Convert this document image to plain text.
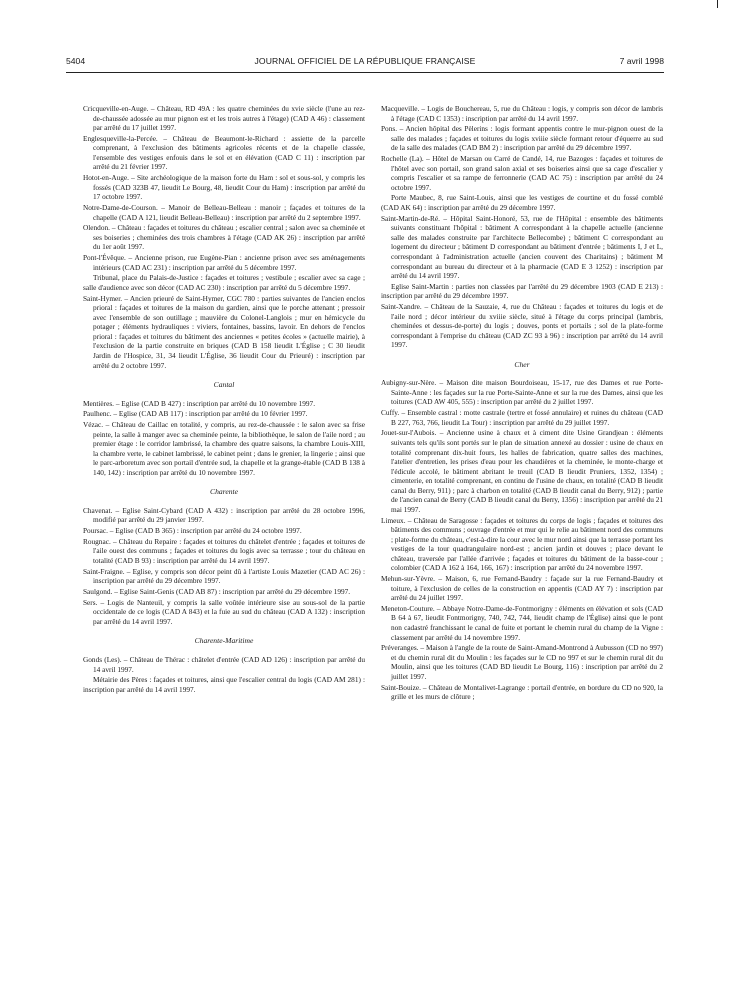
5404	JOURNAL OFFICIEL DE LA RÉPUBLIQUE FRANÇAISE	7 avril 1998
Cricqueville-en-Auge. – Château, RD 49A : les quatre cheminées du xvie siècle (l'une au rez-de-chaussée adossée au mur pignon est et les trois autres à l'étage) (CAD A 46) : classement par arrêté du 17 juillet 1997.
Englesqueville-la-Percée. – Château de Beaumont-le-Richard : assiette de la parcelle comprenant, à l'exclusion des bâtiments agricoles récents et de la chapelle classée, l'ensemble des vestiges enfouis dans le sol et en élévation (CAD C 11) : inscription par arrêté du 21 février 1997.
Hotot-en-Auge. – Site archéologique de la maison forte du Ham : sol et sous-sol, y compris les fossés (CAD 323B 47, lieudit Le Bourg, 48, lieudit Cour du Ham) : inscription par arrêté du 17 octobre 1997.
Notre-Dame-de-Courson. – Manoir de Belleau-Belleau : manoir ; façades et toitures de la chapelle (CAD A 121, lieudit Belleau-Belleau) : inscription par arrêté du 2 septembre 1997.
Olendon. – Château : façades et toitures du château ; escalier central ; salon avec sa cheminée et ses boiseries ; cheminées des trois chambres à l'étage (CAD AK 26) : inscription par arrêté du 1er août 1997.
Pont-l'Évêque. – Ancienne prison, rue Eugène-Pian : ancienne prison avec ses aménagements intérieurs (CAD AC 231) : inscription par arrêté du 5 décembre 1997.
Tribunal, place du Palais-de-Justice : façades et toitures ; vestibule ; escalier avec sa cage ; salle d'audience avec son décor (CAD AC 230) : inscription par arrêté du 5 décembre 1997.
Saint-Hymer. – Ancien prieuré de Saint-Hymer, CGC 780 : parties suivantes de l'ancien enclos prioral : façades et toitures de la maison du gardien, ainsi que le porche attenant ; pressoir avec l'ensemble de son outillage ; mauvière du Colonel-Langlois ; mur en hémicycle du potager ; éléments hydrauliques : viviers, fontaines, bassins, lavoir. En dehors de l'enclos prioral : façades et toitures du bâtiment des anciennes « petites écoles » (actuelle mairie), à l'exclusion de la partie construite en briques (CAD B 158 lieudit L'Église ; C 30 lieudit Jardin de l'Hospice, 31, 34 lieudit L'Église, 36 lieudit Cour du Prieuré) : inscription par arrêté du 2 octobre 1997.
Cantal
Mentières. – Eglise (CAD B 427) : inscription par arrêté du 10 novembre 1997.
Paulhenc. – Eglise (CAD AB 117) : inscription par arrêté du 10 février 1997.
Vézac. – Château de Caillac en totalité, y compris, au rez-de-chaussée : le salon avec sa frise peinte, la salle à manger avec sa cheminée peinte, la bibliothèque, le salon de l'aile nord ; au premier étage : le corridor lambrissé, la chambre des quatre saisons, la chambre Louis-XIII, la chambre verte, le cabinet lambrissé, le cabinet peint ; dans le grenier, la lingerie ; ainsi que le parc-arboretum avec son portail d'entrée sud, la chapelle et la grange-étable (CAD B 138 à 140, 142) : inscription par arrêté du 10 novembre 1997.
Charente
Chavenat. – Eglise Saint-Cybard (CAD A 432) : inscription par arrêté du 28 octobre 1996, modifié par arrêté du 29 janvier 1997.
Poursac. – Eglise (CAD B 365) : inscription par arrêté du 24 octobre 1997.
Rougnac. – Château du Repaire : façades et toitures du châtelet d'entrée ; façades et toitures de l'aile ouest des communs ; façades et toitures du logis avec sa terrasse ; tour du château en totalité (CAD B 93) : inscription par arrêté du 14 avril 1997.
Saint-Fraigne. – Eglise, y compris son décor peint dû à l'artiste Louis Mazetier (CAD AC 26) : inscription par arrêté du 29 décembre 1997.
Saulgond. – Eglise Saint-Genis (CAD AB 87) : inscription par arrêté du 29 décembre 1997.
Sers. – Logis de Nanteuil, y compris la salle voûtée intérieure sise au sous-sol de la partie occidentale de ce logis (CAD A 843) et la fuie au sud du château (CAD A 132) : inscription par arrêté du 14 avril 1997.
Charente-Maritime
Gonds (Les). – Château de Thérac : châtelet d'entrée (CAD AD 126) : inscription par arrêté du 14 avril 1997.
Métairie des Pères : façades et toitures, ainsi que l'escalier central du logis (CAD AM 281) : inscription par arrêté du 14 avril 1997.
Macqueville. – Logis de Bouchereau, 5, rue du Château : logis, y compris son décor de lambris à l'étage (CAD C 1353) : inscription par arrêté du 14 avril 1997.
Pons. – Ancien hôpital des Pèlerins : logis formant appentis contre le mur-pignon ouest de la salle des malades ; façades et toitures du logis xviiie siècle formant retour d'équerre au sud de la salle des malades (CAD BM 2) : inscription par arrêté du 29 décembre 1997.
Rochelle (La). – Hôtel de Marsan ou Carré de Candé, 14, rue Bazoges : façades et toitures de l'hôtel avec son portail, son grand salon axial et ses boiseries ainsi que sa cage d'escalier y compris l'escalier et sa rampe de ferronnerie (CAD AC 75) : inscription par arrêté du 24 octobre 1997.
Porte Maubec, 8, rue Saint-Louis, ainsi que les vestiges de courtine et du fossé comblé (CAD AK 64) : inscription par arrêté du 29 décembre 1997.
Saint-Martin-de-Ré. – Hôpital Saint-Honoré, 53, rue de l'Hôpital : ensemble des bâtiments suivants constituant l'hôpital : bâtiment A correspondant à la chapelle actuelle (ancienne salle des malades construite par l'architecte Bellecombe) ; bâtiment C correspondant au logement du directeur ; bâtiment D correspondant au bâtiment d'entrée ; bâtiments I, J et L, correspondant à l'administration actuelle (ancien couvent des Charitains) ; bâtiment M correspondant au bureau du directeur et à la pharmacie (CAD E 3 1252) : inscription par arrêté du 14 avril 1997.
Eglise Saint-Martin : parties non classées par l'arrêté du 29 décembre 1903 (CAD E 213) : inscription par arrêté du 29 décembre 1997.
Saint-Xandre. – Château de la Sauzaie, 4, rue du Château : façades et toitures du logis et de l'aile nord ; décor intérieur du xviiie siècle, situé à l'étage du corps principal (lambris, cheminées et dessus-de-porte) du logis ; douves, ponts et portails ; sol de la plate-forme correspondant à l'emprise du château (CAD ZC 93 à 96) : inscription par arrêté du 14 avril 1997.
Cher
Aubigny-sur-Nère. – Maison dite maison Bourdoiseau, 15-17, rue des Dames et rue Porte-Sainte-Anne : les façades sur la rue Porte-Sainte-Anne et sur la rue des Dames, ainsi que les toitures (CAD AW 405, 555) : inscription par arrêté du 2 juillet 1997.
Cuffy. – Ensemble castral : motte castrale (tertre et fossé annulaire) et ruines du château (CAD B 227, 763, 766, lieudit La Tour) : inscription par arrêté du 29 juillet 1997.
Jouet-sur-l'Aubois. – Ancienne usine à chaux et à ciment dite Usine Grandjean : éléments suivants tels qu'ils sont portés sur le plan de situation annexé au dossier : usine de chaux en totalité comprenant dix-huit fours, les halles de fabrication, quatre salles des machines, l'atelier d'entretien, les prises d'eau pour les chaudières et la cheminée, le monte-charge et l'édicule accolé, le bâtiment abritant le treuil (CAD B lieudit Pruniers, 1352, 1354) ; cimenterie, en totalité comprenant, en continu de l'usine de chaux, en totalité (CAD B lieudit canal du Berry, 911) ; parc à charbon en totalité (CAD B lieudit canal du Berry, 912) ; partie de l'ancien canal de Berry (CAD B lieudit canal du Berry, 1356) : inscription par arrêté du 21 mai 1997.
Limeux. – Château de Saragosse : façades et toitures du corps de logis ; façades et toitures des bâtiments des communs ; ouvrage d'entrée et mur qui le relie au bâtiment nord des communs ; plate-forme du château, c'est-à-dire la cour avec le mur nord ainsi que la terrasse portant les vestiges de la tour quadrangulaire nord-est ; ancien jardin et douves ; place devant le château, traversée par l'allée d'arrivée ; façades et toitures du bâtiment de la basse-cour ; colombier (CAD A 162 à 164, 166, 167) : inscription par arrêté du 24 novembre 1997.
Mehun-sur-Yèvre. – Maison, 6, rue Fernand-Baudry : façade sur la rue Fernand-Baudry et toiture, à l'exclusion de celles de la construction en appentis (CAD AY 7) : inscription par arrêté du 24 juillet 1997.
Meneton-Couture. – Abbaye Notre-Dame-de-Fontmorigny : éléments en élévation et sols (CAD B 64 à 67, lieudit Fontmorigny, 740, 742, 744, lieudit champ de l'Église) ainsi que le pont non cadastré franchissant le canal de fuite et portant le chemin rural du champ de la Vigne : classement par arrêté du 14 novembre 1997.
Préveranges. – Maison à l'angle de la route de Saint-Amand-Montrond à Aubusson (CD no 997) et du chemin rural dit du Moulin : les façades sur le CD no 997 et sur le chemin rural dit du Moulin, ainsi que les toitures (CAD BD lieudit Le Bourg, 116) : inscription par arrêté du 2 juillet 1997.
Saint-Bouize. – Château de Montalivet-Lagrange : portail d'entrée, en bordure du CD no 920, la grille et les murs de clôture ;
